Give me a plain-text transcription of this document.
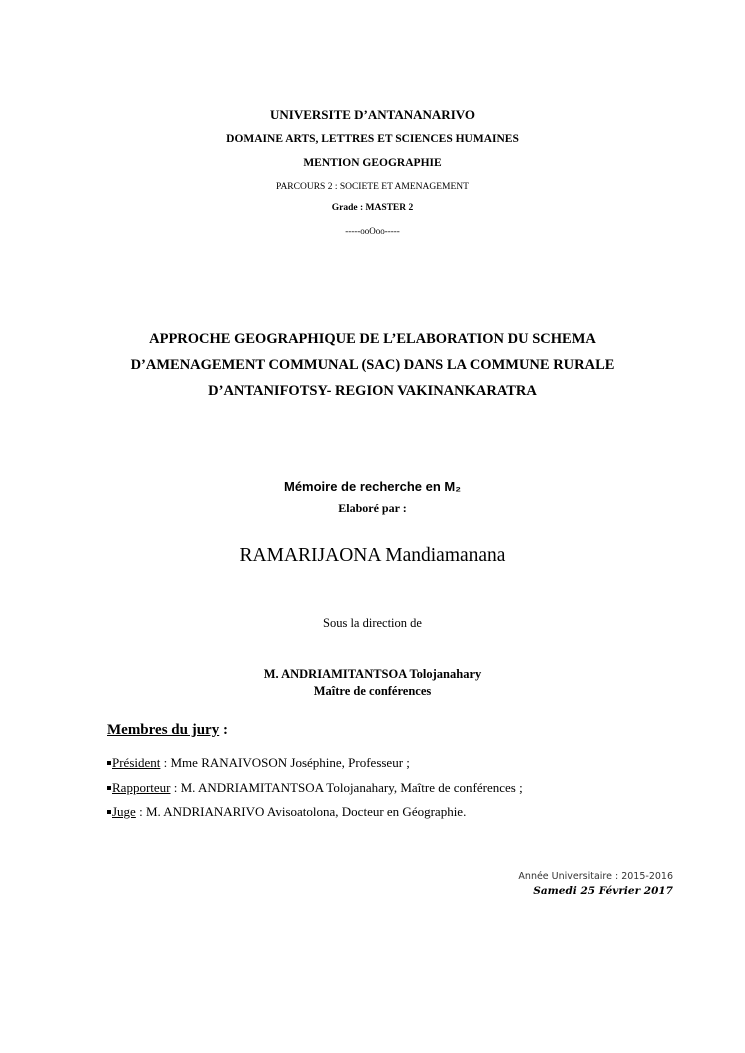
UNIVERSITE D’ANTANANARIVO
DOMAINE ARTS, LETTRES ET SCIENCES HUMAINES
MENTION GEOGRAPHIE
PARCOURS 2 : SOCIETE ET AMENAGEMENT
Grade : MASTER 2
-----ooOoo-----
APPROCHE GEOGRAPHIQUE DE L’ELABORATION DU SCHEMA
D’AMENAGEMENT COMMUNAL (SAC) DANS LA COMMUNE RURALE
D’ANTANIFOTSY- REGION VAKINANKARATRA
Mémoire de recherche en M₂
Elaboré par :
RAMARIJAONA Mandiamanana
Sous la direction de
M. ANDRIAMITANTSOA Tolojanahary
Maître de conférences
Membres du jury :
Président : Mme RANAIVOSON Joséphine, Professeur ;
Rapporteur : M. ANDRIAMITANTSOA Tolojanahary, Maître de conférences ;
Juge : M. ANDRIANARIVO Avisoatolona, Docteur en Géographie.
Année Universitaire : 2015-2016
Samedi 25 Février 2017
